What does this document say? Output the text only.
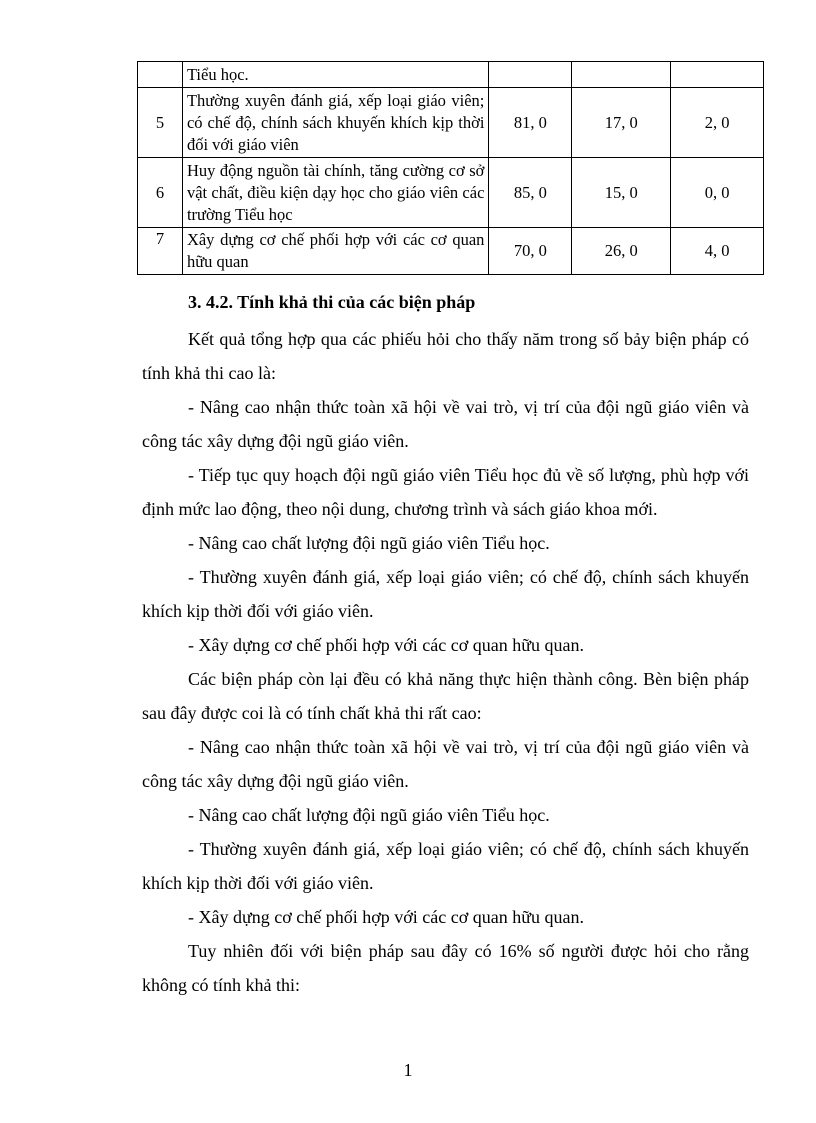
	Tiểu học.			
5	Thường xuyên đánh giá, xếp loại giáo viên; có chế độ, chính sách khuyến khích kịp thời đối với giáo viên	81, 0	17, 0	2, 0
6	Huy động nguồn tài chính, tăng cường cơ sở vật chất, điều kiện dạy học cho giáo viên các trường Tiểu học	85, 0	15, 0	0, 0
7	Xây dựng cơ chế phối hợp với các cơ quan hữu quan	70, 0	26, 0	4, 0

3. 4.2. Tính khả thi của các biện pháp

Kết quả tổng hợp qua các phiếu hỏi cho thấy năm trong số bảy biện pháp có tính khả thi cao là:

- Nâng cao nhận thức toàn xã hội về vai trò, vị trí của đội ngũ giáo viên và công tác xây dựng đội ngũ giáo viên.

- Tiếp tục quy hoạch đội ngũ giáo viên Tiểu học đủ về số lượng, phù hợp với định mức lao động, theo nội dung, chương trình và sách giáo khoa mới.

- Nâng cao chất lượng đội ngũ giáo viên Tiểu học.

- Thường xuyên đánh giá, xếp loại giáo viên; có chế độ, chính sách khuyến khích kịp thời đối với giáo viên.

- Xây dựng cơ chế phối hợp với các cơ quan hữu quan.

Các biện pháp còn lại đều có khả năng thực hiện thành công. Bèn biện pháp sau đây được coi là có tính chất khả thi rất cao:

- Nâng cao nhận thức toàn xã hội về vai trò, vị trí của đội ngũ giáo viên và công tác xây dựng đội ngũ giáo viên.

- Nâng cao chất lượng đội ngũ giáo viên Tiểu học.

- Thường xuyên đánh giá, xếp loại giáo viên; có chế độ, chính sách khuyến khích kịp thời đối với giáo viên.

- Xây dựng cơ chế phối hợp với các cơ quan hữu quan.

Tuy nhiên đối với biện pháp sau đây có 16% số người được hỏi cho rằng không có tính khả thi:

1
